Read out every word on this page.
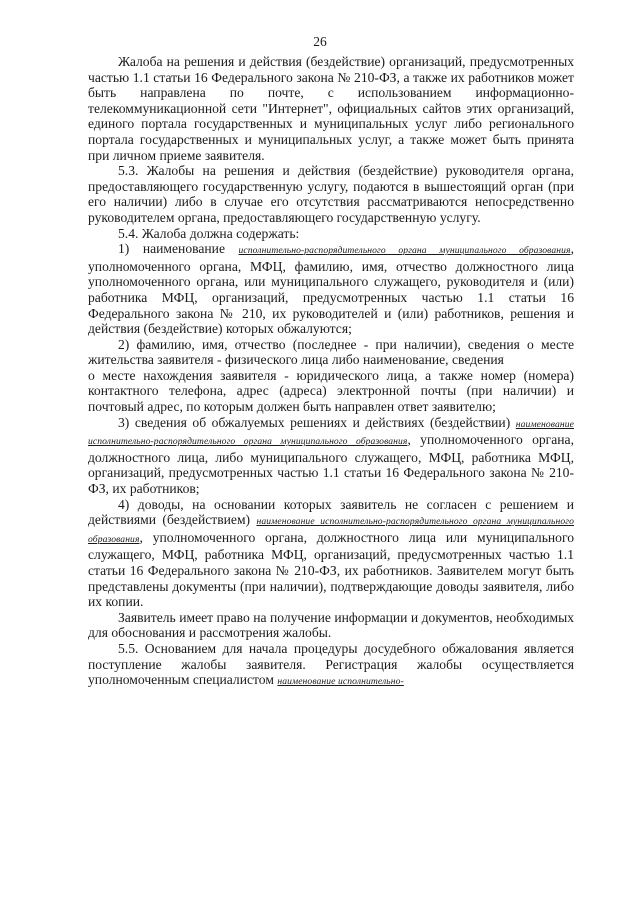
26

Жалоба на решения и действия (бездействие) организаций, предусмотренных частью 1.1 статьи 16 Федерального закона № 210-ФЗ, а также их работников может быть направлена по почте, с использованием информационно-телекоммуникационной сети "Интернет", официальных сайтов этих организаций, единого портала государственных и муниципальных услуг либо регионального портала государственных и муниципальных услуг, а также может быть принята при личном приеме заявителя.

5.3. Жалобы на решения и действия (бездействие) руководителя органа, предоставляющего государственную услугу, подаются в вышестоящий орган (при его наличии) либо в случае его отсутствия рассматриваются непосредственно руководителем органа, предоставляющего государственную услугу.

5.4. Жалоба должна содержать:

1) наименование исполнительно-распорядительного органа муниципального образования, уполномоченного органа, МФЦ, фамилию, имя, отчество должностного лица уполномоченного органа, или муниципального служащего, руководителя и (или) работника МФЦ, организаций, предусмотренных частью 1.1 статьи 16 Федерального закона № 210, их руководителей и (или) работников, решения и действия (бездействие) которых обжалуются;

2) фамилию, имя, отчество (последнее - при наличии), сведения о месте жительства заявителя - физического лица либо наименование, сведения

о месте нахождения заявителя - юридического лица, а также номер (номера) контактного телефона, адрес (адреса) электронной почты (при наличии) и почтовый адрес, по которым должен быть направлен ответ заявителю;

3) сведения об обжалуемых решениях и действиях (бездействии) наименование исполнительно-распорядительного органа муниципального образования, уполномоченного органа, должностного лица, либо муниципального служащего, МФЦ, работника МФЦ, организаций, предусмотренных частью 1.1 статьи 16 Федерального закона № 210-ФЗ, их работников;

4) доводы, на основании которых заявитель не согласен с решением и действиями (бездействием) наименование исполнительно-распорядительного органа муниципального образования, уполномоченного органа, должностного лица или муниципального служащего, МФЦ, работника МФЦ, организаций, предусмотренных частью 1.1 статьи 16 Федерального закона № 210-ФЗ, их работников. Заявителем могут быть представлены документы (при наличии), подтверждающие доводы заявителя, либо их копии.

Заявитель имеет право на получение информации и документов, необходимых для обоснования и рассмотрения жалобы.

5.5. Основанием для начала процедуры досудебного обжалования является поступление жалобы заявителя. Регистрация жалобы осуществляется уполномоченным специалистом наименование исполнительно-
